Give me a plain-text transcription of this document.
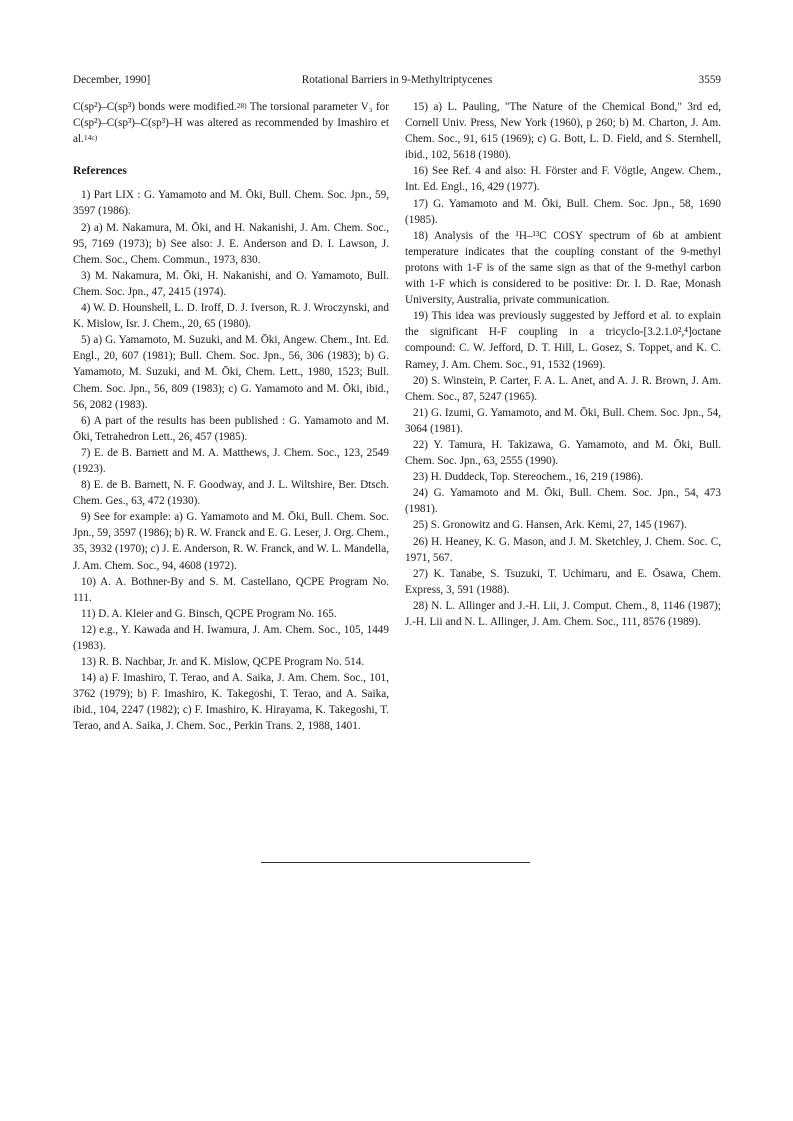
December, 1990]	Rotational Barriers in 9-Methyltriptycenes	3559

C(sp²)–C(sp³) bonds were modified.$^{28)}$ The torsional parameter V₃ for C(sp²)–C(sp³)–C(sp³)–H was altered as recommended by Imashiro et al.$^{14c)}$

References

1) Part LIX : G. Yamamoto and M. Ōki, Bull. Chem. Soc. Jpn., 59, 3597 (1986).

2) a) M. Nakamura, M. Ōki, and H. Nakanishi, J. Am. Chem. Soc., 95, 7169 (1973); b) See also: J. E. Anderson and D. I. Lawson, J. Chem. Soc., Chem. Commun., 1973, 830.

3) M. Nakamura, M. Ōki, H. Nakanishi, and O. Yamamoto, Bull. Chem. Soc. Jpn., 47, 2415 (1974).

4) W. D. Hounshell, L. D. Iroff, D. J. Iverson, R. J. Wroczynski, and K. Mislow, Isr. J. Chem., 20, 65 (1980).

5) a) G. Yamamoto, M. Suzuki, and M. Ōki, Angew. Chem., Int. Ed. Engl., 20, 607 (1981); Bull. Chem. Soc. Jpn., 56, 306 (1983); b) G. Yamamoto, M. Suzuki, and M. Ōki, Chem. Lett., 1980, 1523; Bull. Chem. Soc. Jpn., 56, 809 (1983); c) G. Yamamoto and M. Ōki, ibid., 56, 2082 (1983).

6) A part of the results has been published : G. Yamamoto and M. Ōki, Tetrahedron Lett., 26, 457 (1985).

7) E. de B. Barnett and M. A. Matthews, J. Chem. Soc., 123, 2549 (1923).

8) E. de B. Barnett, N. F. Goodway, and J. L. Wiltshire, Ber. Dtsch. Chem. Ges., 63, 472 (1930).

9) See for example: a) G. Yamamoto and M. Ōki, Bull. Chem. Soc. Jpn., 59, 3597 (1986); b) R. W. Franck and E. G. Leser, J. Org. Chem., 35, 3932 (1970); c) J. E. Anderson, R. W. Franck, and W. L. Mandella, J. Am. Chem. Soc., 94, 4608 (1972).

10) A. A. Bothner-By and S. M. Castellano, QCPE Program No. 111.

11) D. A. Kleier and G. Binsch, QCPE Program No. 165.

12) e.g., Y. Kawada and H. Iwamura, J. Am. Chem. Soc., 105, 1449 (1983).

13) R. B. Nachbar, Jr. and K. Mislow, QCPE Program No. 514.

14) a) F. Imashiro, T. Terao, and A. Saika, J. Am. Chem. Soc., 101, 3762 (1979); b) F. Imashiro, K. Takegoshi, T. Terao, and A. Saika, ibid., 104, 2247 (1982); c) F. Imashiro, K. Hirayama, K. Takegoshi, T. Terao, and A. Saika, J. Chem. Soc., Perkin Trans. 2, 1988, 1401.

15) a) L. Pauling, "The Nature of the Chemical Bond," 3rd ed, Cornell Univ. Press, New York (1960), p 260; b) M. Charton, J. Am. Chem. Soc., 91, 615 (1969); c) G. Bott, L. D. Field, and S. Sternhell, ibid., 102, 5618 (1980).

16) See Ref. 4 and also: H. Förster and F. Vögtle, Angew. Chem., Int. Ed. Engl., 16, 429 (1977).

17) G. Yamamoto and M. Ōki, Bull. Chem. Soc. Jpn., 58, 1690 (1985).

18) Analysis of the ¹H–¹³C COSY spectrum of 6b at ambient temperature indicates that the coupling constant of the 9-methyl protons with 1-F is of the same sign as that of the 9-methyl carbon with 1-F which is considered to be positive: Dr. I. D. Rae, Monash University, Australia, private communication.

19) This idea was previously suggested by Jefford et al. to explain the significant H-F coupling in a tricyclo-[3.2.1.0²,⁴]octane compound: C. W. Jefford, D. T. Hill, L. Gosez, S. Toppet, and K. C. Ramey, J. Am. Chem. Soc., 91, 1532 (1969).

20) S. Winstein, P. Carter, F. A. L. Anet, and A. J. R. Brown, J. Am. Chem. Soc., 87, 5247 (1965).

21) G. Izumi, G. Yamamoto, and M. Ōki, Bull. Chem. Soc. Jpn., 54, 3064 (1981).

22) Y. Tamura, H. Takizawa, G. Yamamoto, and M. Ōki, Bull. Chem. Soc. Jpn., 63, 2555 (1990).

23) H. Duddeck, Top. Stereochem., 16, 219 (1986).

24) G. Yamamoto and M. Ōki, Bull. Chem. Soc. Jpn., 54, 473 (1981).

25) S. Gronowitz and G. Hansen, Ark. Kemi, 27, 145 (1967).

26) H. Heaney, K. G. Mason, and J. M. Sketchley, J. Chem. Soc. C, 1971, 567.

27) K. Tanabe, S. Tsuzuki, T. Uchimaru, and E. Ōsawa, Chem. Express, 3, 591 (1988).

28) N. L. Allinger and J.-H. Lii, J. Comput. Chem., 8, 1146 (1987); J.-H. Lii and N. L. Allinger, J. Am. Chem. Soc., 111, 8576 (1989).
